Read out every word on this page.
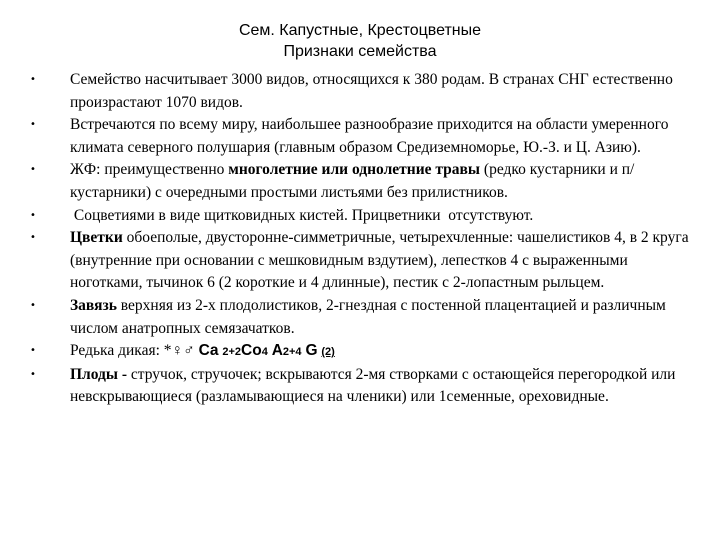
Сем. Капустные, Крестоцветные
Признаки семейства
• Семейство насчитывает 3000 видов, относящихся к 380 родам. В странах СНГ естественно произрастают 1070 видов.
• Встречаются по всему миру, наибольшее разнообразие приходится на области умеренного климата северного полушария (главным образом Средиземноморье, Ю.-З. и Ц. Азию).
• ЖФ: преимущественно многолетние или однолетние травы (редко кустарники и п/кустарники) с очередными простыми листьями без прилистников.
• Соцветиями в виде щитковидных кистей. Прицветники  отсутствуют.
• Цветки обоеполые, двусторонне-симметричные, четырехчленные: чашелистиков 4, в 2 круга (внутренние при основании с мешковидным вздутием), лепестков 4 с выраженными ноготками, тычинок 6 (2 короткие и 4 длинные), пестик с 2-лопастным рыльцем.
• Завязь верхняя из 2-х плодолистиков, 2-гнездная с постенной плацентацией и различным числом анатропных семязачатков.
• Редька дикая: *♀♂ Ca 2+2Co4 A2+4 G (2)
• Плоды - стручок, стручочек; вскрываются 2-мя створками с остающейся перегородкой или невскрывающиеся (разламывающиеся на членики) или 1семенные, ореховидные.
